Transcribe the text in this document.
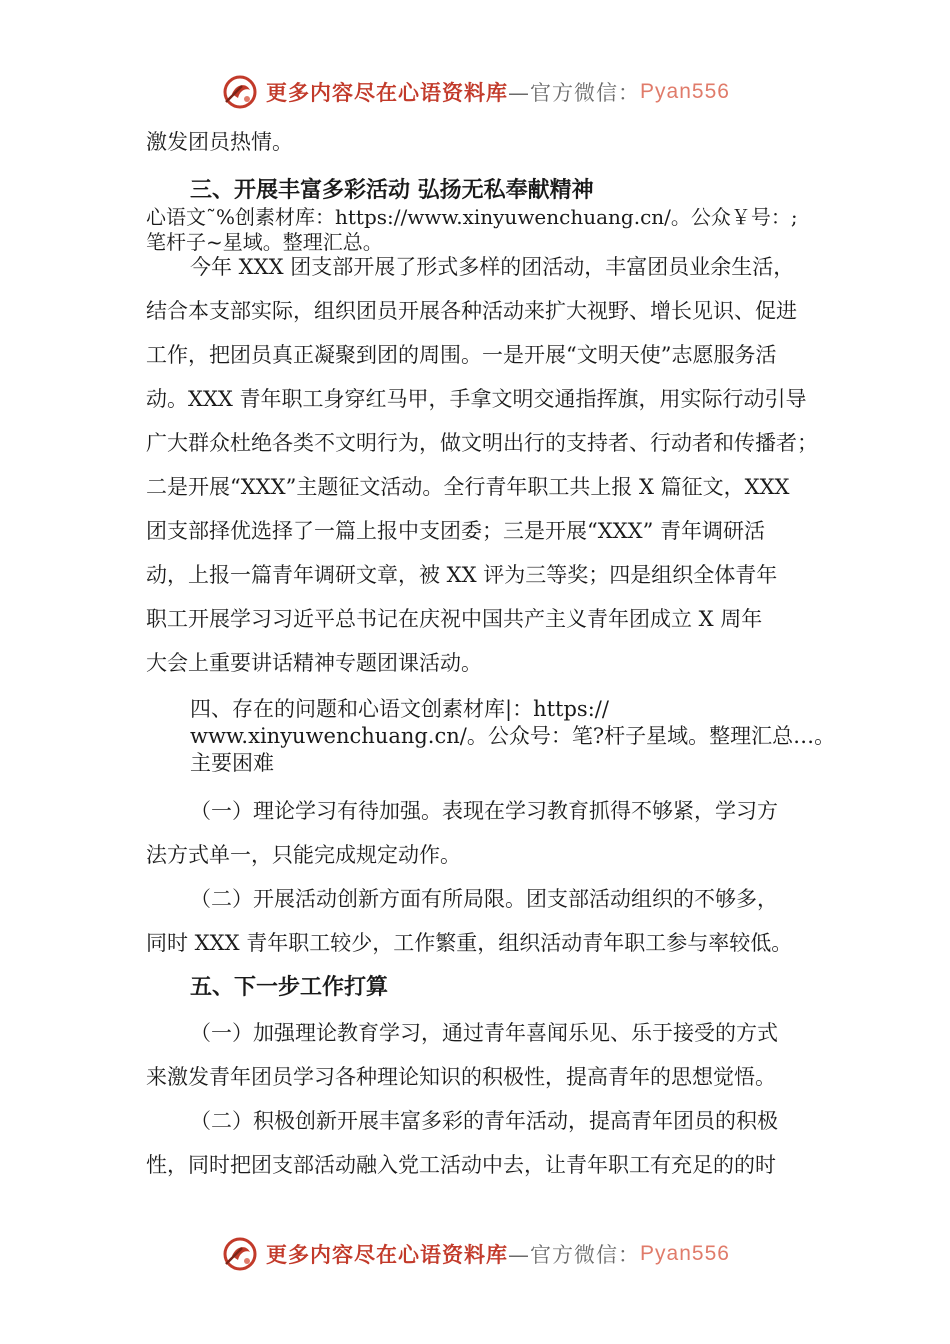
更多内容尽在心语资料库 —官方微信： Pyan556
激发团员热情。
三、开展丰富多彩活动 弘扬无私奉献精神
心语文˜%创素材库：https://www.xinyuwenchuang.cn/。公众￥号：;
笔杆子~星域。整理汇总。
今年 XXX 团支部开展了形式多样的团活动，丰富团员业余生活，
结合本支部实际，组织团员开展各种活动来扩大视野、增长见识、促进
工作，把团员真正凝聚到团的周围。一是开展“文明天使”志愿服务活
动。XXX 青年职工身穿红马甲，手拿文明交通指挥旗，用实际行动引导
广大群众杜绝各类不文明行为，做文明出行的支持者、行动者和传播者；
二是开展“XXX”主题征文活动。全行青年职工共上报 X 篇征文，XXX
团支部择优选择了一篇上报中支团委；三是开展“XXX” 青年调研活
动，上报一篇青年调研文章，被 XX 评为三等奖；四是组织全体青年
职工开展学习习近平总书记在庆祝中国共产主义青年团成立 X 周年
大会上重要讲话精神专题团课活动。
四、存在的问题和心语文创素材库|：https://
www.xinyuwenchuang.cn/。公众号：笔?杆子星域。整理汇总…。
主要困难
（一）理论学习有待加强。表现在学习教育抓得不够紧，学习方
法方式单一，只能完成规定动作。
（二）开展活动创新方面有所局限。团支部活动组织的不够多，
同时 XXX 青年职工较少，工作繁重，组织活动青年职工参与率较低。
五、下一步工作打算
（一）加强理论教育学习，通过青年喜闻乐见、乐于接受的方式
来激发青年团员学习各种理论知识的积极性，提高青年的思想觉悟。
（二）积极创新开展丰富多彩的青年活动，提高青年团员的积极
性，同时把团支部活动融入党工活动中去，让青年职工有充足的的时
更多内容尽在心语资料库 —官方微信： Pyan556
